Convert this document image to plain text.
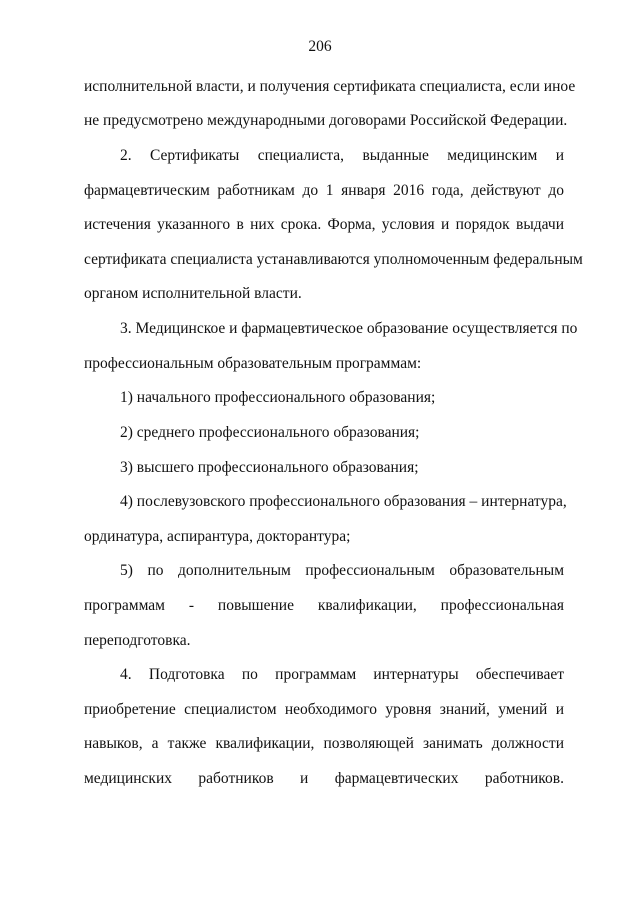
206
исполнительной власти, и получения сертификата специалиста, если иное
не предусмотрено международными договорами Российской Федерации.
2. Сертификаты специалиста, выданные медицинским и
фармацевтическим работникам до 1 января 2016 года, действуют до
истечения указанного в них срока. Форма, условия и порядок выдачи
сертификата специалиста устанавливаются уполномоченным федеральным
органом исполнительной власти.
3. Медицинское и фармацевтическое образование осуществляется по
профессиональным образовательным программам:
1) начального профессионального образования;
2) среднего профессионального образования;
3) высшего профессионального образования;
4) послевузовского профессионального образования – интернатура,
ординатура, аспирантура, докторантура;
5) по дополнительным профессиональным образовательным
программам - повышение квалификации, профессиональная
переподготовка.
4. Подготовка по программам интернатуры обеспечивает
приобретение специалистом необходимого уровня знаний, умений и
навыков, а также квалификации, позволяющей занимать должности
медицинских работников и фармацевтических работников.
